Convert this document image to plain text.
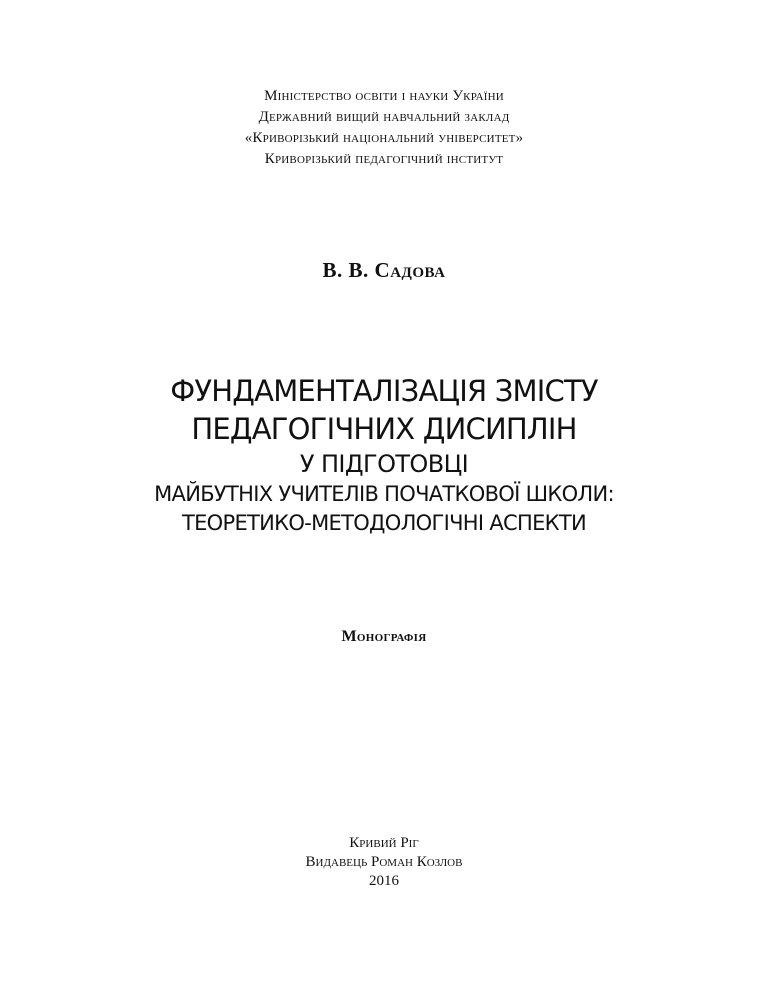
Міністерство освіти і науки України
Державний вищий навчальний заклад
«Криворізький національний університет»
Криворізький педагогічний інститут
В. В. Садова
ФУНДАМЕНТАЛІЗАЦІЯ ЗМІСТУ
ПЕДАГОГІЧНИХ ДИСИПЛІН
У ПІДГОТОВЦІ
МАЙБУТНІХ УЧИТЕЛІВ ПОЧАТКОВОЇ ШКОЛИ:
ТЕОРЕТИКО-МЕТОДОЛОГІЧНІ АСПЕКТИ
Монографія
Кривий Ріг
Видавець Роман Козлов
2016
